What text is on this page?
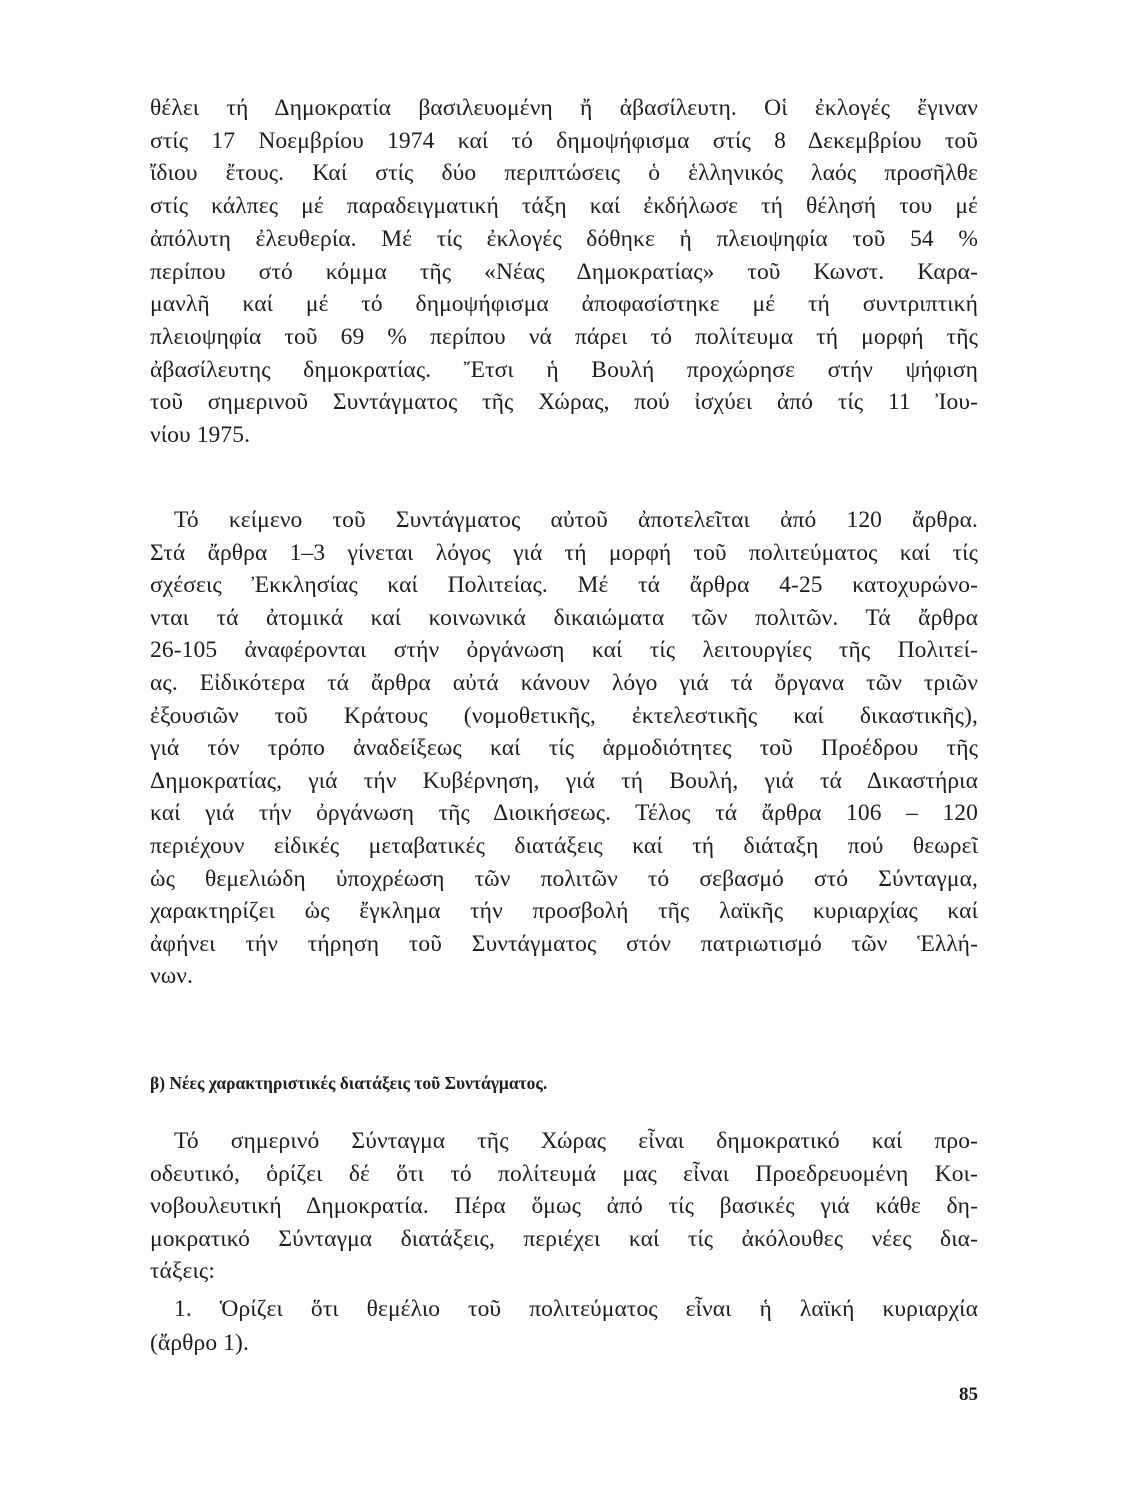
θέλει τή Δημοκρατία βασιλευομένη ἤ ἀβασίλευτη. Οἱ ἐκλογές ἔγιναν
στίς 17 Νοεμβρίου 1974 καί τό δημοψήφισμα στίς 8 Δεκεμβρίου τοῦ
ἴδιου ἔτους. Καί στίς δύο περιπτώσεις ὁ ἑλληνικός λαός προσῆλθε
στίς κάλπες μέ παραδειγματική τάξη καί ἐκδήλωσε τή θέλησή του μέ
ἀπόλυτη ἐλευθερία. Μέ τίς ἐκλογές δόθηκε ἡ πλειοψηφία τοῦ 54 %
περίπου στό κόμμα τῆς «Νέας Δημοκρατίας» τοῦ Κωνστ. Καρα-
μανλῆ καί μέ τό δημοψήφισμα ἀποφασίστηκε μέ τή συντριπτική
πλειοψηφία τοῦ 69 % περίπου νά πάρει τό πολίτευμα τή μορφή τῆς
ἀβασίλευτης δημοκρατίας. Ἔτσι ἡ Βουλή προχώρησε στήν ψήφιση
τοῦ σημερινοῦ Συντάγματος τῆς Χώρας, πού ἰσχύει ἀπό τίς 11 Ἰου-
νίου 1975.
Τό κείμενο τοῦ Συντάγματος αὐτοῦ ἀποτελεῖται ἀπό 120 ἄρθρα.
Στά ἄρθρα 1–3 γίνεται λόγος γιά τή μορφή τοῦ πολιτεύματος καί τίς
σχέσεις Ἐκκλησίας καί Πολιτείας. Μέ τά ἄρθρα 4-25 κατοχυρώνο-
νται τά ἀτομικά καί κοινωνικά δικαιώματα τῶν πολιτῶν. Τά ἄρθρα
26-105 ἀναφέρονται στήν ὀργάνωση καί τίς λειτουργίες τῆς Πολιτεί-
ας. Εἰδικότερα τά ἄρθρα αὐτά κάνουν λόγο γιά τά ὄργανα τῶν τριῶν
ἐξουσιῶν τοῦ Κράτους (νομοθετικῆς, ἐκτελεστικῆς καί δικαστικῆς),
γιά τόν τρόπο ἀναδείξεως καί τίς ἁρμοδιότητες τοῦ Προέδρου τῆς
Δημοκρατίας, γιά τήν Κυβέρνηση, γιά τή Βουλή, γιά τά Δικαστήρια
καί γιά τήν ὀργάνωση τῆς Διοικήσεως. Τέλος τά ἄρθρα 106 – 120
περιέχουν εἰδικές μεταβατικές διατάξεις καί τή διάταξη πού θεωρεῖ
ὡς θεμελιώδη ὑποχρέωση τῶν πολιτῶν τό σεβασμό στό Σύνταγμα,
χαρακτηρίζει ὡς ἔγκλημα τήν προσβολή τῆς λαϊκῆς κυριαρχίας καί
ἀφήνει τήν τήρηση τοῦ Συντάγματος στόν πατριωτισμό τῶν Ἑλλή-
νων.
Τό σημερινό Σύνταγμα τῆς Χώρας εἶναι δημοκρατικό καί προ-
οδευτικό, ὁρίζει δέ ὅτι τό πολίτευμά μας εἶναι Προεδρευομένη Κοι-
νοβουλευτική Δημοκρατία. Πέρα ὅμως ἀπό τίς βασικές γιά κάθε δη-
μοκρατικό Σύνταγμα διατάξεις, περιέχει καί τίς ἀκόλουθες νέες δια-
τάξεις:
1. Ὁρίζει ὅτι θεμέλιο τοῦ πολιτεύματος εἶναι ἡ λαϊκή κυριαρχία
(ἄρθρο 1).
β) Νέες χαρακτηριστικές διατάξεις τοῦ Συντάγματος.
85
